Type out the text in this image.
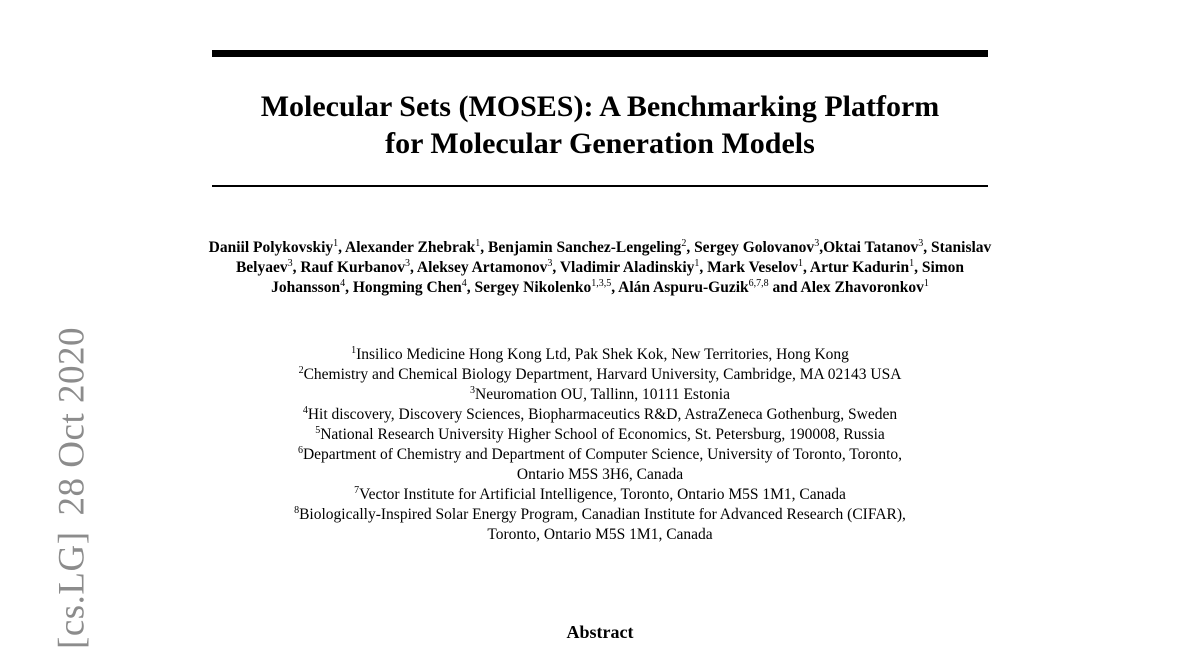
[cs.LG]28 Oct 2020
Molecular Sets (MOSES): A Benchmarking Platform
for Molecular Generation Models
Daniil Polykovskiy$^1$, Alexander Zhebrak$^1$, Benjamin Sanchez-Lengeling$^2$, Sergey Golovanov$^3$,Oktai Tatanov$^3$, Stanislav Belyaev$^3$, Rauf Kurbanov$^3$, Aleksey Artamonov$^3$, Vladimir Aladinskiy$^1$, Mark Veselov$^1$, Artur Kadurin$^1$, Simon Johansson$^4$, Hongming Chen$^4$, Sergey Nikolenko$^{1,3,5}$, Alán Aspuru-Guzik$^{6,7,8}$ and Alex Zhavoronkov$^1$
$^1$Insilico Medicine Hong Kong Ltd, Pak Shek Kok, New Territories, Hong Kong
$^2$Chemistry and Chemical Biology Department, Harvard University, Cambridge, MA 02143 USA
$^3$Neuromation OU, Tallinn, 10111 Estonia
$^4$Hit discovery, Discovery Sciences, Biopharmaceutics R&D, AstraZeneca Gothenburg, Sweden
$^5$National Research University Higher School of Economics, St. Petersburg, 190008, Russia
$^6$Department of Chemistry and Department of Computer Science, University of Toronto, Toronto,
Ontario M5S 3H6, Canada
$^7$Vector Institute for Artificial Intelligence, Toronto, Ontario M5S 1M1, Canada
$^8$Biologically-Inspired Solar Energy Program, Canadian Institute for Advanced Research (CIFAR),
Toronto, Ontario M5S 1M1, Canada
Abstract
